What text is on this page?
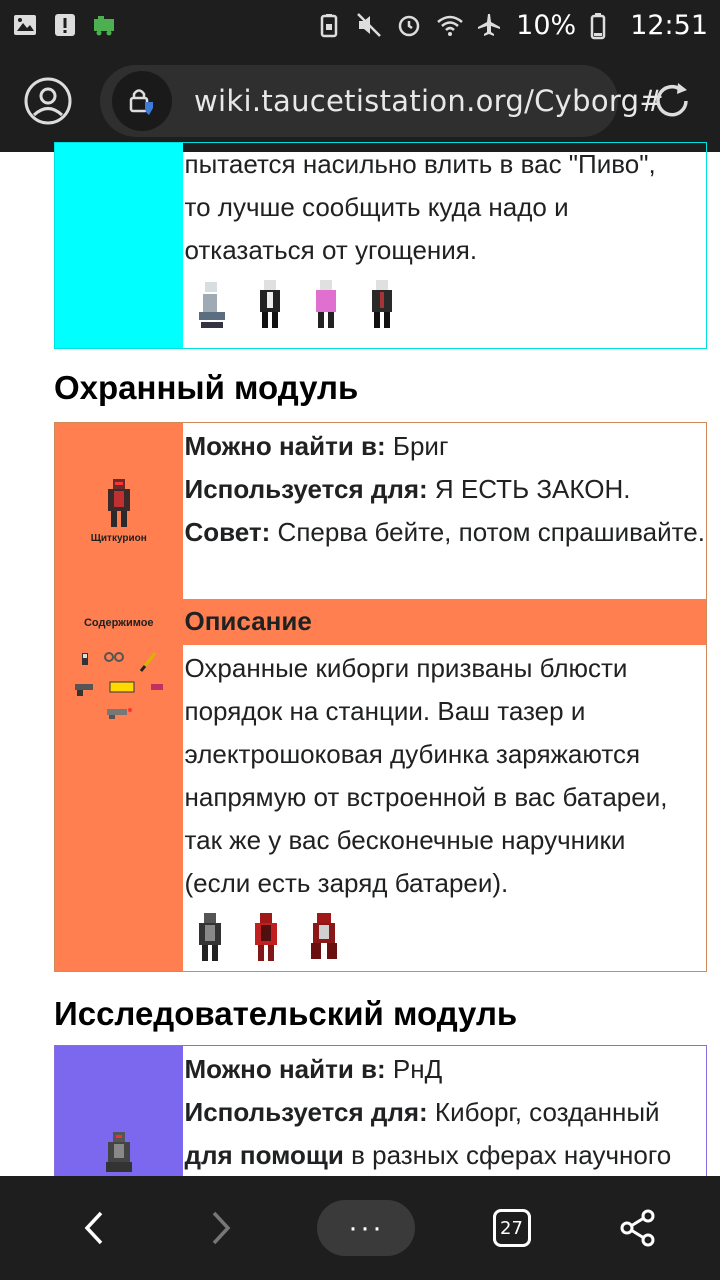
10% 12:51
wiki.taucetistation.org/Cyborg#

пытается насильно влить в вас "Пиво",
то лучше сообщить куда надо и
отказаться от угощения.
Охранный модуль
Щиткурион	Можно найти в: Бриг
Используется для: Я ЕСТЬ ЗАКОН.
Совет: Сперва бейте, потом спрашивайте.

Содержимое	Описание

Охранные киборги призваны блюсти порядок на станции. Ваш тазер и электрошоковая дубинка заряжаются напрямую от встроенной в вас батареи, так же у вас бесконечные наручники (если есть заряд батареи).
Исследовательский модуль

Можно найти в: РнД
Используется для: Киборг, созданный
для помощи в разных сферах научного
···	27
